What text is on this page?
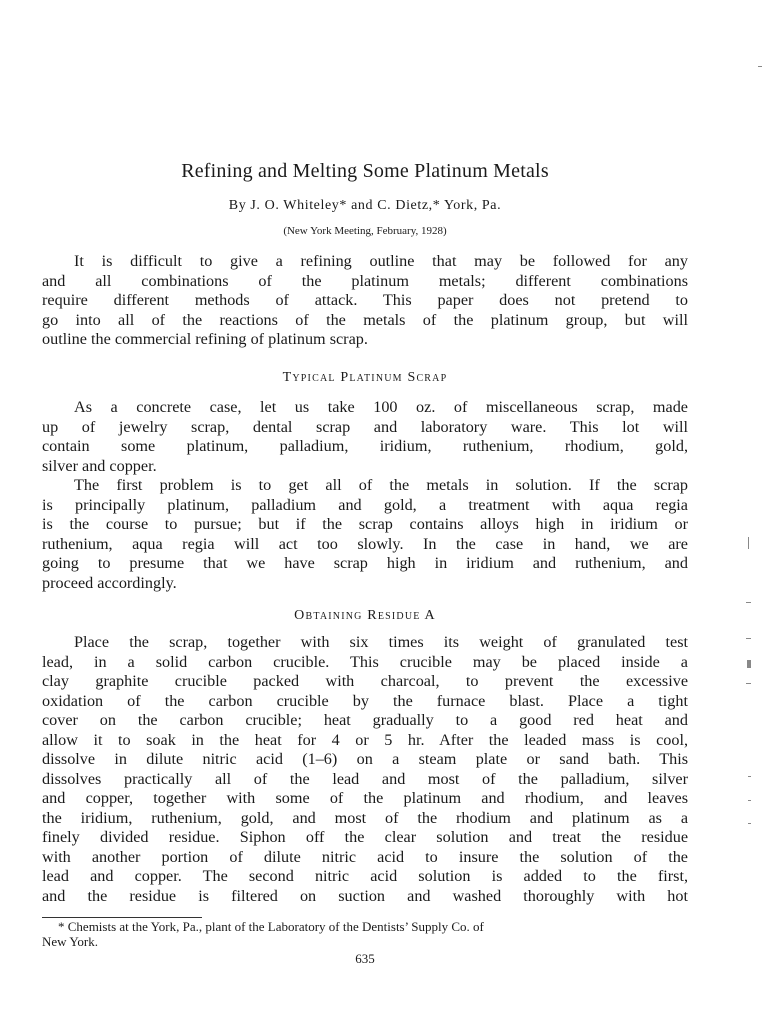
Refining and Melting Some Platinum Metals
By J. O. Whiteley* and C. Dietz,* York, Pa.
(New York Meeting, February, 1928)
It is difficult to give a refining outline that may be followed for any
and all combinations of the platinum metals; different combinations
require different methods of attack. This paper does not pretend to
go into all of the reactions of the metals of the platinum group, but will
outline the commercial refining of platinum scrap.
Typical Platinum Scrap
As a concrete case, let us take 100 oz. of miscellaneous scrap, made
up of jewelry scrap, dental scrap and laboratory ware. This lot will
contain some platinum, palladium, iridium, ruthenium, rhodium, gold,
silver and copper.
The first problem is to get all of the metals in solution. If the scrap
is principally platinum, palladium and gold, a treatment with aqua regia
is the course to pursue; but if the scrap contains alloys high in iridium or
ruthenium, aqua regia will act too slowly. In the case in hand, we are
going to presume that we have scrap high in iridium and ruthenium, and
proceed accordingly.
Obtaining Residue A
Place the scrap, together with six times its weight of granulated test
lead, in a solid carbon crucible. This crucible may be placed inside a
clay graphite crucible packed with charcoal, to prevent the excessive
oxidation of the carbon crucible by the furnace blast. Place a tight
cover on the carbon crucible; heat gradually to a good red heat and
allow it to soak in the heat for 4 or 5 hr. After the leaded mass is cool,
dissolve in dilute nitric acid (1–6) on a steam plate or sand bath. This
dissolves practically all of the lead and most of the palladium, silver
and copper, together with some of the platinum and rhodium, and leaves
the iridium, ruthenium, gold, and most of the rhodium and platinum as a
finely divided residue. Siphon off the clear solution and treat the residue
with another portion of dilute nitric acid to insure the solution of the
lead and copper. The second nitric acid solution is added to the first,
and the residue is filtered on suction and washed thoroughly with hot
* Chemists at the York, Pa., plant of the Laboratory of the Dentists’ Supply Co. of
New York.
635
